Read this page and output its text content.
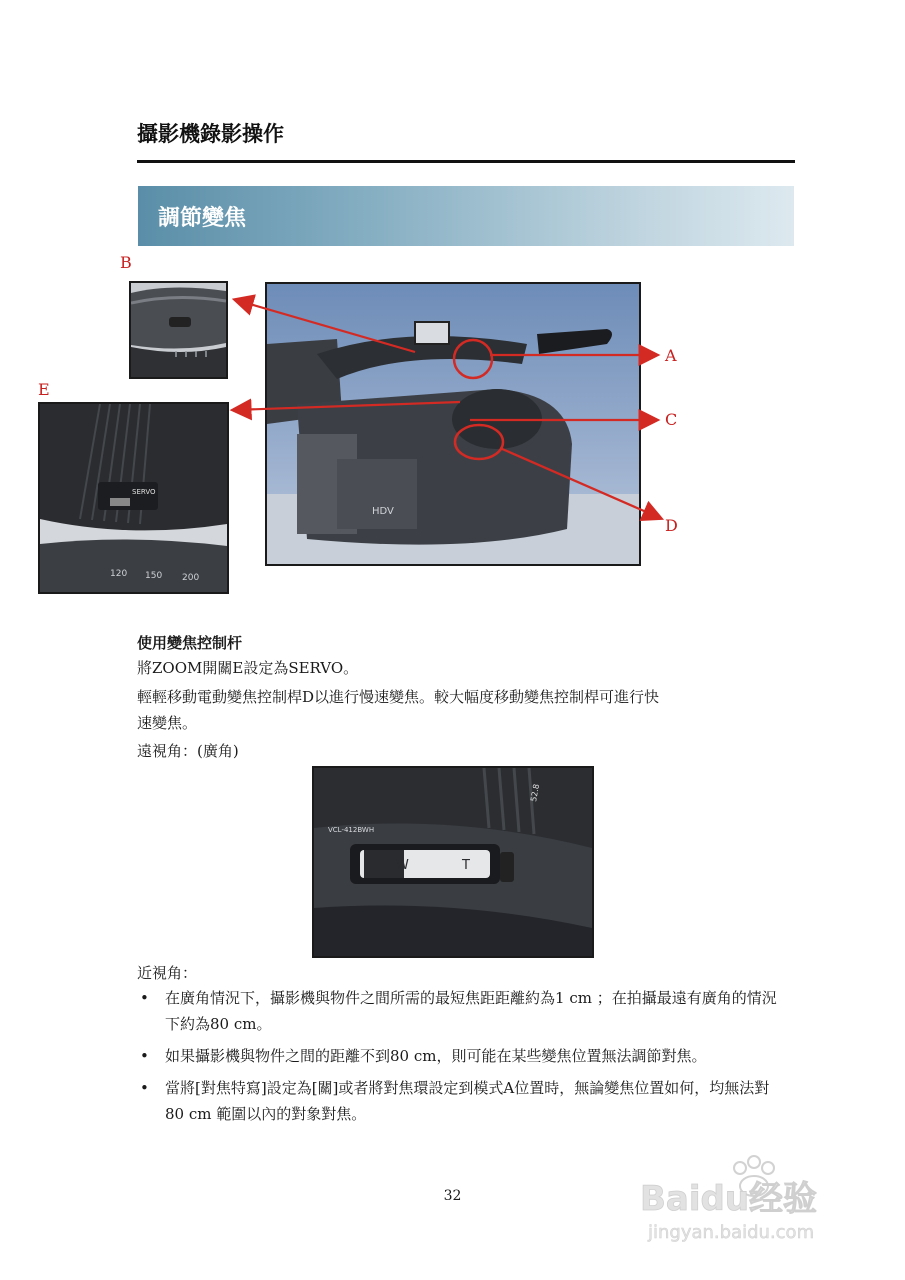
攝影機錄影操作
調節變焦
B
E
A
C
D
SERVO
120 150 200
HDV
使用變焦控制杆
將ZOOM開關E設定為SERVO。
輕輕移動電動變焦控制桿D以進行慢速變焦。較大幅度移動變焦控制桿可進行快
速變焦。
遠視角：(廣角)
52.8
VCL-412BWH
W	T
近視角：
• 在廣角情況下，攝影機與物件之間所需的最短焦距距離約為1 cm ；在拍攝最遠有廣角的情況下約為80 cm。
• 如果攝影機與物件之間的距離不到80 cm，則可能在某些變焦位置無法調節對焦。
• 當將[對焦特寫]設定為[關]或者將對焦環設定到模式A位置時，無論變焦位置如何，均無法對80 cm 範圍以內的對象對焦。
32	Baidu经验
jingyan.baidu.com
